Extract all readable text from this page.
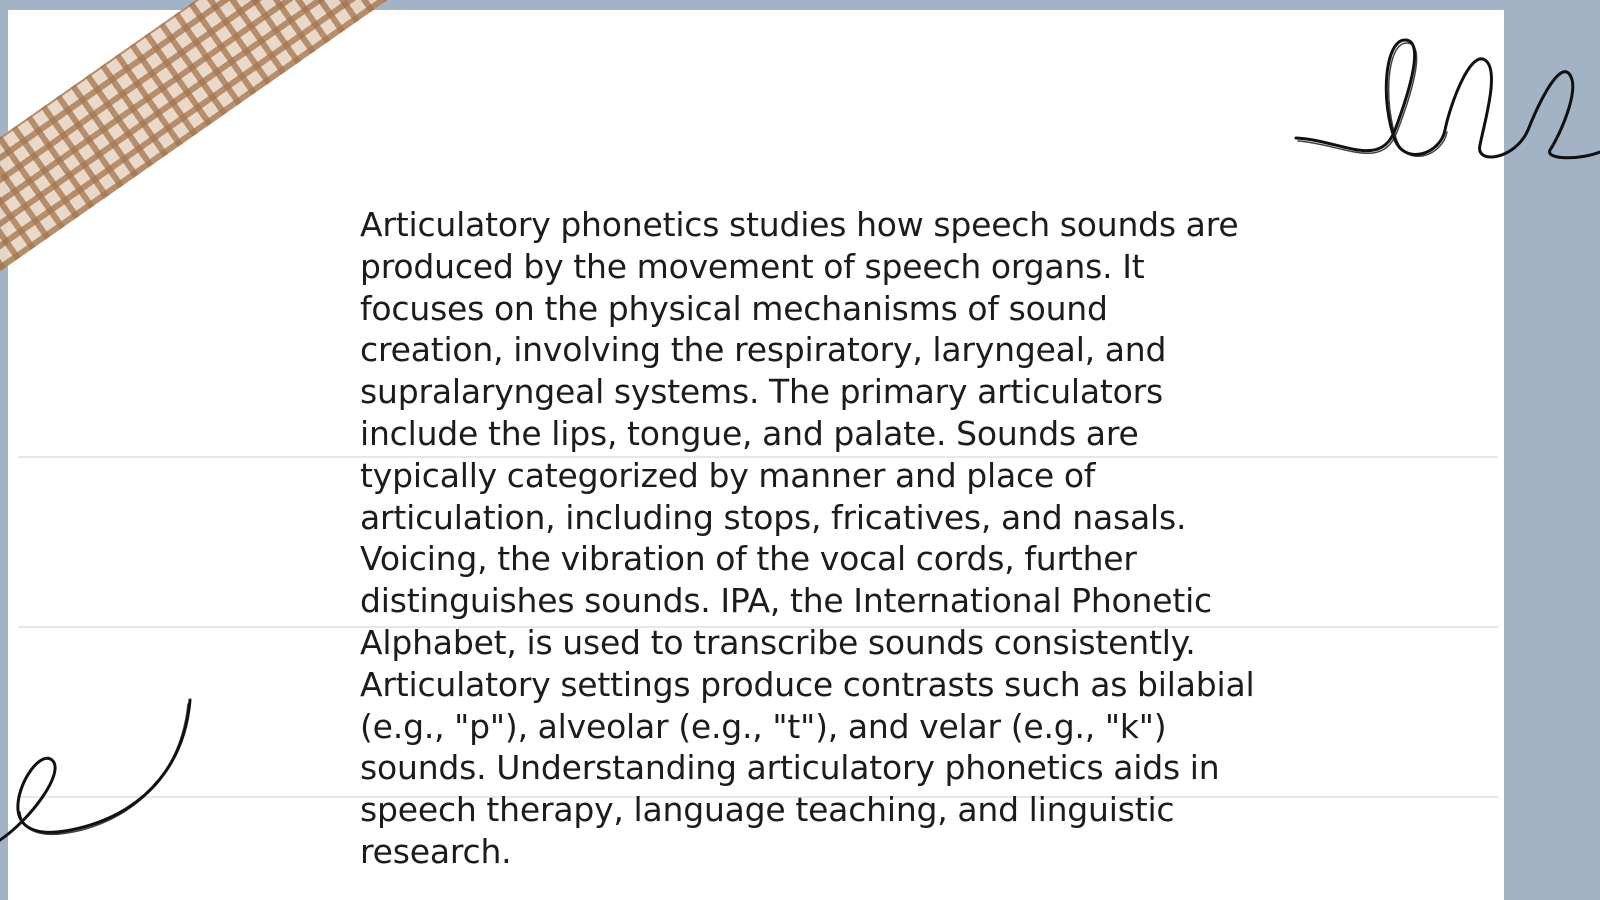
Articulatory phonetics studies how speech sounds are produced by the movement of speech organs. It focuses on the physical mechanisms of sound creation, involving the respiratory, laryngeal, and supralaryngeal systems. The primary articulators include the lips, tongue, and palate. Sounds are typically categorized by manner and place of articulation, including stops, fricatives, and nasals. Voicing, the vibration of the vocal cords, further distinguishes sounds. IPA, the International Phonetic Alphabet, is used to transcribe sounds consistently. Articulatory settings produce contrasts such as bilabial (e.g., "p"), alveolar (e.g., "t"), and velar (e.g., "k") sounds. Understanding articulatory phonetics aids in speech therapy, language teaching, and linguistic research.
